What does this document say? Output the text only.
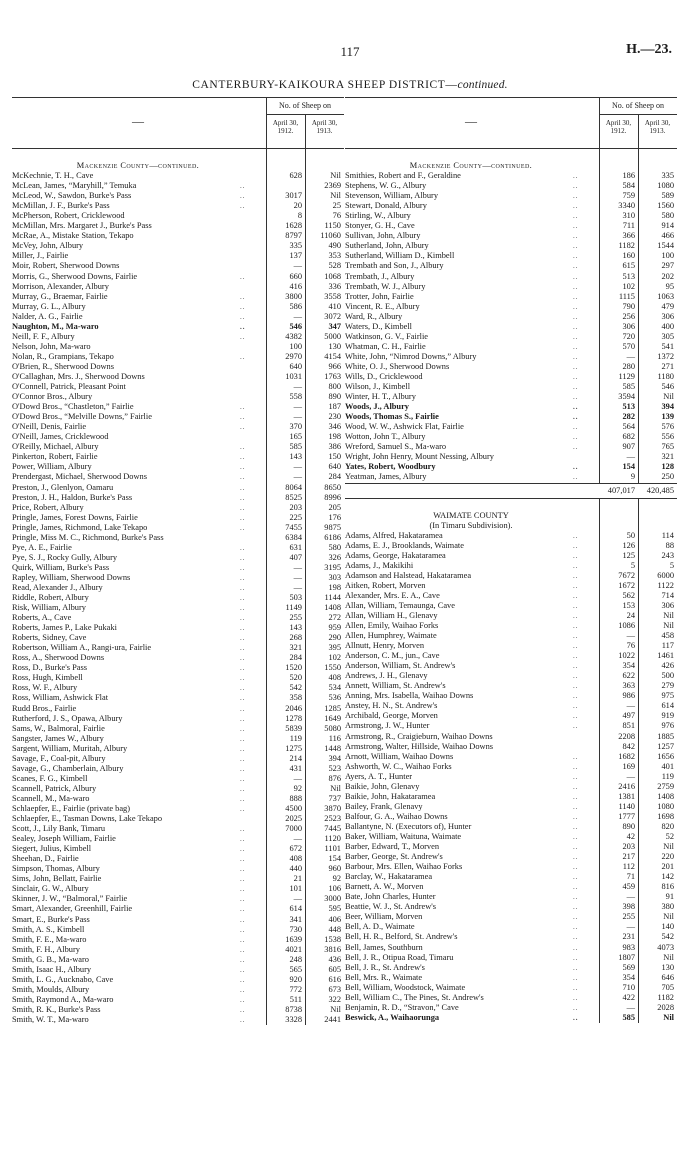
117	H.—23.
CANTERBURY-KAIKOURA SHEEP DISTRICT—continued.
—
No. of Sheep on
April 30, 1912.
April 30, 1913.
Mackenzie County—continued.
McKechnie, T. H., Cave	628	Nil
McLean, James, “Maryhill,” Temuka	..	2369
McLeod, W., Sawdon, Burke's Pass	..	3017	Nil
McMillan, J. F., Burke's Pass	..	20	25
McPherson, Robert, Cricklewood	8	76
McMillan, Mrs. Margaret J., Burke's Pass	1628	1150
McRae, A., Mistake Station, Tekapo	8797	11060
McVey, John, Albury	335	490
Miller, J., Fairlie	137	353
Moir, Robert, Sherwood Downs	—	528
Morris, G., Sherwood Downs, Fairlie	..	660	1068
Morrison, Alexander, Albury	416	336
Murray, G., Braemar, Fairlie	..	3800	3558
Murray, G. L., Albury	..	586	410
Nalder, A. G., Fairlie	..	—	3072
Naughton, M., Ma-waro	..	546	347
Neill, F. F., Albury	..	4382	5000
Nelson, John, Ma-waro	100	130
Nolan, R., Grampians, Tekapo	..	2970	4154
O'Brien, R., Sherwood Downs	640	966
O'Callaghan, Mrs. J., Sherwood Downs	1031	1763
O'Connell, Patrick, Pleasant Point	—	800
O'Connor Bros., Albury	558	890
O'Dowd Bros., “Chastleton,” Fairlie	..	—	187
O'Dowd Bros., “Melville Downs,” Fairlie	..	—	230
O'Neill, Denis, Fairlie	..	370	346
O'Neill, James, Cricklewood	165	198
O'Reilly, Michael, Albury	..	585	386
Pinkerton, Robert, Fairlie	..	143	150
Power, William, Albury	..	—	640
Prendergast, Michael, Sherwood Downs	..	—	284
Preston, J., Glenlyon, Oamaru	..	8064	8650
Preston, J. H., Haldon, Burke's Pass	..	8525	8996
Price, Robert, Albury	..	203	205
Pringle, James, Forest Downs, Fairlie	..	225	176
Pringle, James, Richmond, Lake Tekapo	..	7455	9875
Pringle, Miss M. C., Richmond, Burke's Pass	6384	6186
Pye, A. E., Fairlie	..	631	580
Pye, S. J., Rocky Gully, Albury	..	407	326
Quirk, William, Burke's Pass	..	—	3195
Rapley, William, Sherwood Downs	..	—	303
Read, Alexander J., Albury	..	—	198
Riddle, Robert, Albury	..	503	1144
Risk, William, Albury	..	1149	1408
Roberts, A., Cave	..	255	272
Roberts, James P., Lake Pukaki	..	143	959
Roberts, Sidney, Cave	..	268	290
Robertson, William A., Rangi-ura, Fairlie	..	321	395
Ross, A., Sherwood Downs	..	284	102
Ross, D., Burke's Pass	..	1520	1550
Ross, Hugh, Kimbell	..	520	408
Ross, W. F., Albury	..	542	534
Ross, William, Ashwick Flat	..	358	536
Rudd Bros., Fairlie	..	2046	1285
Rutherford, J. S., Opawa, Albury	..	1278	1649
Sams, W., Balmoral, Fairlie	..	5839	5080
Sangster, James W., Albury	..	119	116
Sargent, William, Muritah, Albury	..	1275	1448
Savage, F., Coal-pit, Albury	..	214	394
Savage, G., Chamberlain, Albury	..	431	523
Scanes, F. G., Kimbell	..	—	876
Scannell, Patrick, Albury	..	92	Nil
Scannell, M., Ma-waro	..	888	737
Schlaepfer, E., Fairlie (private bag)	..	4500	3870
Schlaepfer, E., Tasman Downs, Lake Tekapo	2025	2523
Scott, J., Lily Bank, Timaru	..	7000	7445
Sealey, Joseph William, Fairlie	..	—	1120
Siegert, Julius, Kimbell	..	672	1101
Sheehan, D., Fairlie	..	408	154
Simpson, Thomas, Albury	..	440	960
Sims, John, Bellatt, Fairlie	..	21	92
Sinclair, G. W., Albury	..	101	106
Skinner, J. W., “Balmoral,” Fairlie	..	—	3000
Smart, Alexander, Greenhill, Fairlie	..	614	595
Smart, E., Burke's Pass	..	341	406
Smith, A. S., Kimbell	..	730	448
Smith, F. E., Ma-waro	..	1639	1538
Smith, F. H., Albury	..	4021	3816
Smith, G. B., Ma-waro	..	248	436
Smith, Isaac H., Albury	..	565	605
Smith, L. G., Aucknabo, Cave	..	920	616
Smith, Moulds, Albury	..	772	673
Smith, Raymond A., Ma-waro	..	511	322
Smith, R. K., Burke's Pass	..	8738	Nil
Smith, W. T., Ma-waro	..	3328	2441
—
No. of Sheep on
April 30, 1912.
April 30, 1913.
Mackenzie County—continued.
Smithies, Robert and F., Geraldine	..	186	335
Stephens, W. G., Albury	..	584	1080
Stevenson, William, Albury	..	759	589
Stewart, Donald, Albury	..	3340	1560
Stirling, W., Albury	..	310	580
Stonyer, G. H., Cave	..	711	914
Sullivan, John, Albury	..	366	466
Sutherland, John, Albury	..	1182	1544
Sutherland, William D., Kimbell	..	160	100
Trembath and Son, J., Albury	..	615	297
Trembath, J., Albury	..	513	202
Trembath, W. J., Albury	..	102	95
Trotter, John, Fairlie	..	1115	1063
Vincent, R. E., Albury	..	790	479
Ward, R., Albury	..	256	306
Waters, D., Kimbell	..	306	400
Watkinson, G. V., Fairlie	..	720	305
Whatman, C. H., Fairlie	..	570	541
White, John, “Nimrod Downs,” Albury	..	—	1372
White, O. J., Sherwood Downs	..	280	271
Wills, D., Cricklewood	..	1129	1180
Wilson, J., Kimbell	..	585	546
Winter, H. T., Albury	..	3594	Nil
Woods, J., Albury	..	513	394
Woods, Thomas S., Fairlie	..	282	139
Wood, W. W., Ashwick Flat, Fairlie	..	564	576
Wotton, John T., Albury	..	682	556
Wreford, Samuel S., Ma-waro	..	907	765
Wright, John Henry, Mount Nessing, Albury	—	321
Yates, Robert, Woodbury	..	154	128
Yeatman, James, Albury	..	9	250
407,017	420,485
WAIMATE COUNTY
(In Timaru Subdivision).
Adams, Alfred, Hakataramea	..	50	114
Adams, E. J., Brooklands, Waimate	..	126	88
Adams, George, Hakataramea	..	125	243
Adams, J., Makikihi	..	5	5
Adamson and Halstead, Hakataramea	..	7672	6000
Aitken, Robert, Morven	..	1672	1122
Alexander, Mrs. E. A., Cave	..	562	714
Allan, William, Temaunga, Cave	..	153	306
Allan, William H., Glenavy	..	24	Nil
Allen, Emily, Waihao Forks	..	1086	Nil
Allen, Humphrey, Waimate	..	—	458
Allnutt, Henry, Morven	..	76	117
Anderson, C. M., jun., Cave	..	1022	1461
Anderson, William, St. Andrew's	..	354	426
Andrews, J. H., Glenavy	..	622	500
Annett, William, St. Andrew's	..	363	279
Anning, Mrs. Isabella, Waihao Downs	..	986	975
Anstey, H. N., St. Andrew's	..	—	614
Archibald, George, Morven	..	497	919
Armstrong, J. W., Hunter	..	851	976
Armstrong, R., Craigieburn, Waihao Downs	2208	1885
Armstrong, Walter, Hillside, Waihao Downs	842	1257
Arnott, William, Waihao Downs	..	1682	1656
Ashworth, W. C., Waihao Forks	..	169	401
Ayers, A. T., Hunter	..	—	119
Baikie, John, Glenavy	..	2416	2759
Baikie, John, Hakataramea	..	1381	1408
Bailey, Frank, Glenavy	..	1140	1080
Balfour, G. A., Waihao Downs	..	1777	1698
Ballantyne, N. (Executors of), Hunter	..	890	820
Baker, William, Waituna, Waimate	..	42	52
Barber, Edward, T., Morven	..	203	Nil
Barber, George, St. Andrew's	..	217	220
Barbour, Mrs. Ellen, Waihao Forks	..	112	201
Barclay, W., Hakataramea	..	71	142
Barnett, A. W., Morven	..	459	816
Bate, John Charles, Hunter	..	—	91
Beattie, W. J., St. Andrew's	..	398	380
Beer, William, Morven	..	255	Nil
Bell, A. D., Waimate	..	—	140
Bell, H. R., Belford, St. Andrew's	..	231	542
Bell, James, Southburn	..	983	4073
Bell, J. R., Otipua Road, Timaru	..	1807	Nil
Bell, J. R., St. Andrew's	..	569	130
Bell, Mrs. R., Waimate	..	354	646
Bell, William, Woodstock, Waimate	..	710	705
Bell, William C., The Pines, St. Andrew's	..	422	1182
Benjamin, R. D., “Stravon,” Cave	..	—	2028
Beswick, A., Waihaorunga	..	585	Nil
